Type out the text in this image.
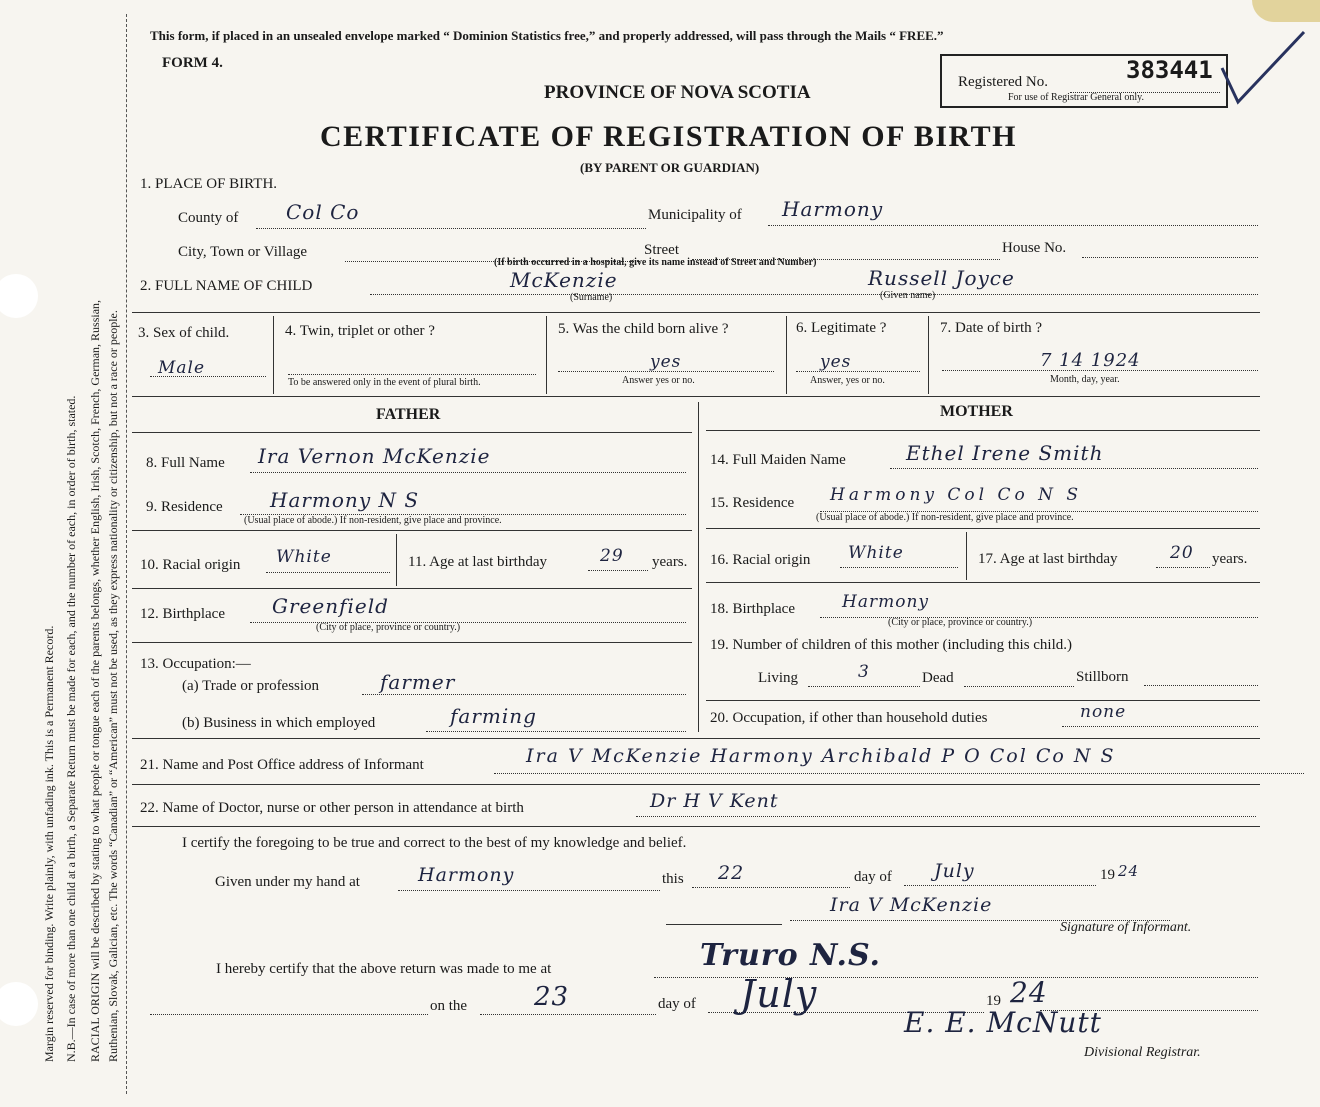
Margin reserved for binding. Write plainly, with unfading ink. This is a Permanent Record. N.B.—In case of more than one child at a birth, a Separate Return must be made for each, and the number of each, in order of birth, stated. RACIAL ORIGIN will be described by stating to what people or tongue each of the parents belongs, whether English, Irish, Scotch, French, German, Russian, Ruthenian, Slovak, Galician, etc. The words “Canadian” or “American” must not be used, as they express nationality or citizenship, but not a race or people.
This form, if placed in an unsealed envelope marked “ Dominion Statistics free,” and properly addressed, will pass through the Mails “ FREE.”
FORM 4.
PROVINCE OF NOVA SCOTIA
CERTIFICATE OF REGISTRATION OF BIRTH
(BY PARENT OR GUARDIAN)
Registered No.	383441
For use of Registrar General only.
1. PLACE OF BIRTH.
County of Col Co	Municipality of Harmony
City, Town or Village	Street	House No.
(If birth occurred in a hospital, give its name instead of Street and Number)
2. FULL NAME OF CHILD	McKenzie
(Surname)
Russell Joyce
(Given name)
3. Sex of child.
Male
4. Twin, triplet or other ?
To be answered only in the event of plural birth.
5. Was the child born alive ?
yes
Answer yes or no.
6. Legitimate ?
yes
Answer, yes or no.
7. Date of birth ?
7 14 1924
Month, day, year.
FATHER	MOTHER
8. Full Name Ira Vernon McKenzie
9. Residence Harmony N S
(Usual place of abode.) If non-resident, give place and province.
10. Racial origin White	11. Age at last birthday	29 years.
12. Birthplace Greenfield
(City of place, province or country.)
13. Occupation:—
(a) Trade or profession	farmer
(b) Business in which employed	farming
14. Full Maiden Name	Ethel Irene Smith
15. Residence Harmony Col Co N S
(Usual place of abode.) If non-resident, give place and province.
16. Racial origin White	17. Age at last birthday	20 years.
18. Birthplace	Harmony
(City or place, province or country.)
19. Number of children of this mother (including this child.)
Living	3	Dead	Stillborn
20. Occupation, if other than household duties	none
21. Name and Post Office address of Informant	Ira V McKenzie Harmony Archibald P O Col Co N S
22. Name of Doctor, nurse or other person in attendance at birth	Dr H V Kent
I certify the foregoing to be true and correct to the best of my knowledge and belief.
Given under my hand at	Harmony	this 22	day of July	19 24
Ira V McKenzie
Signature of Informant.
I hereby certify that the above return was made to me at	Truro N.S.
on the	23	day of July	19 24
E. E. McNutt
Divisional Registrar.
